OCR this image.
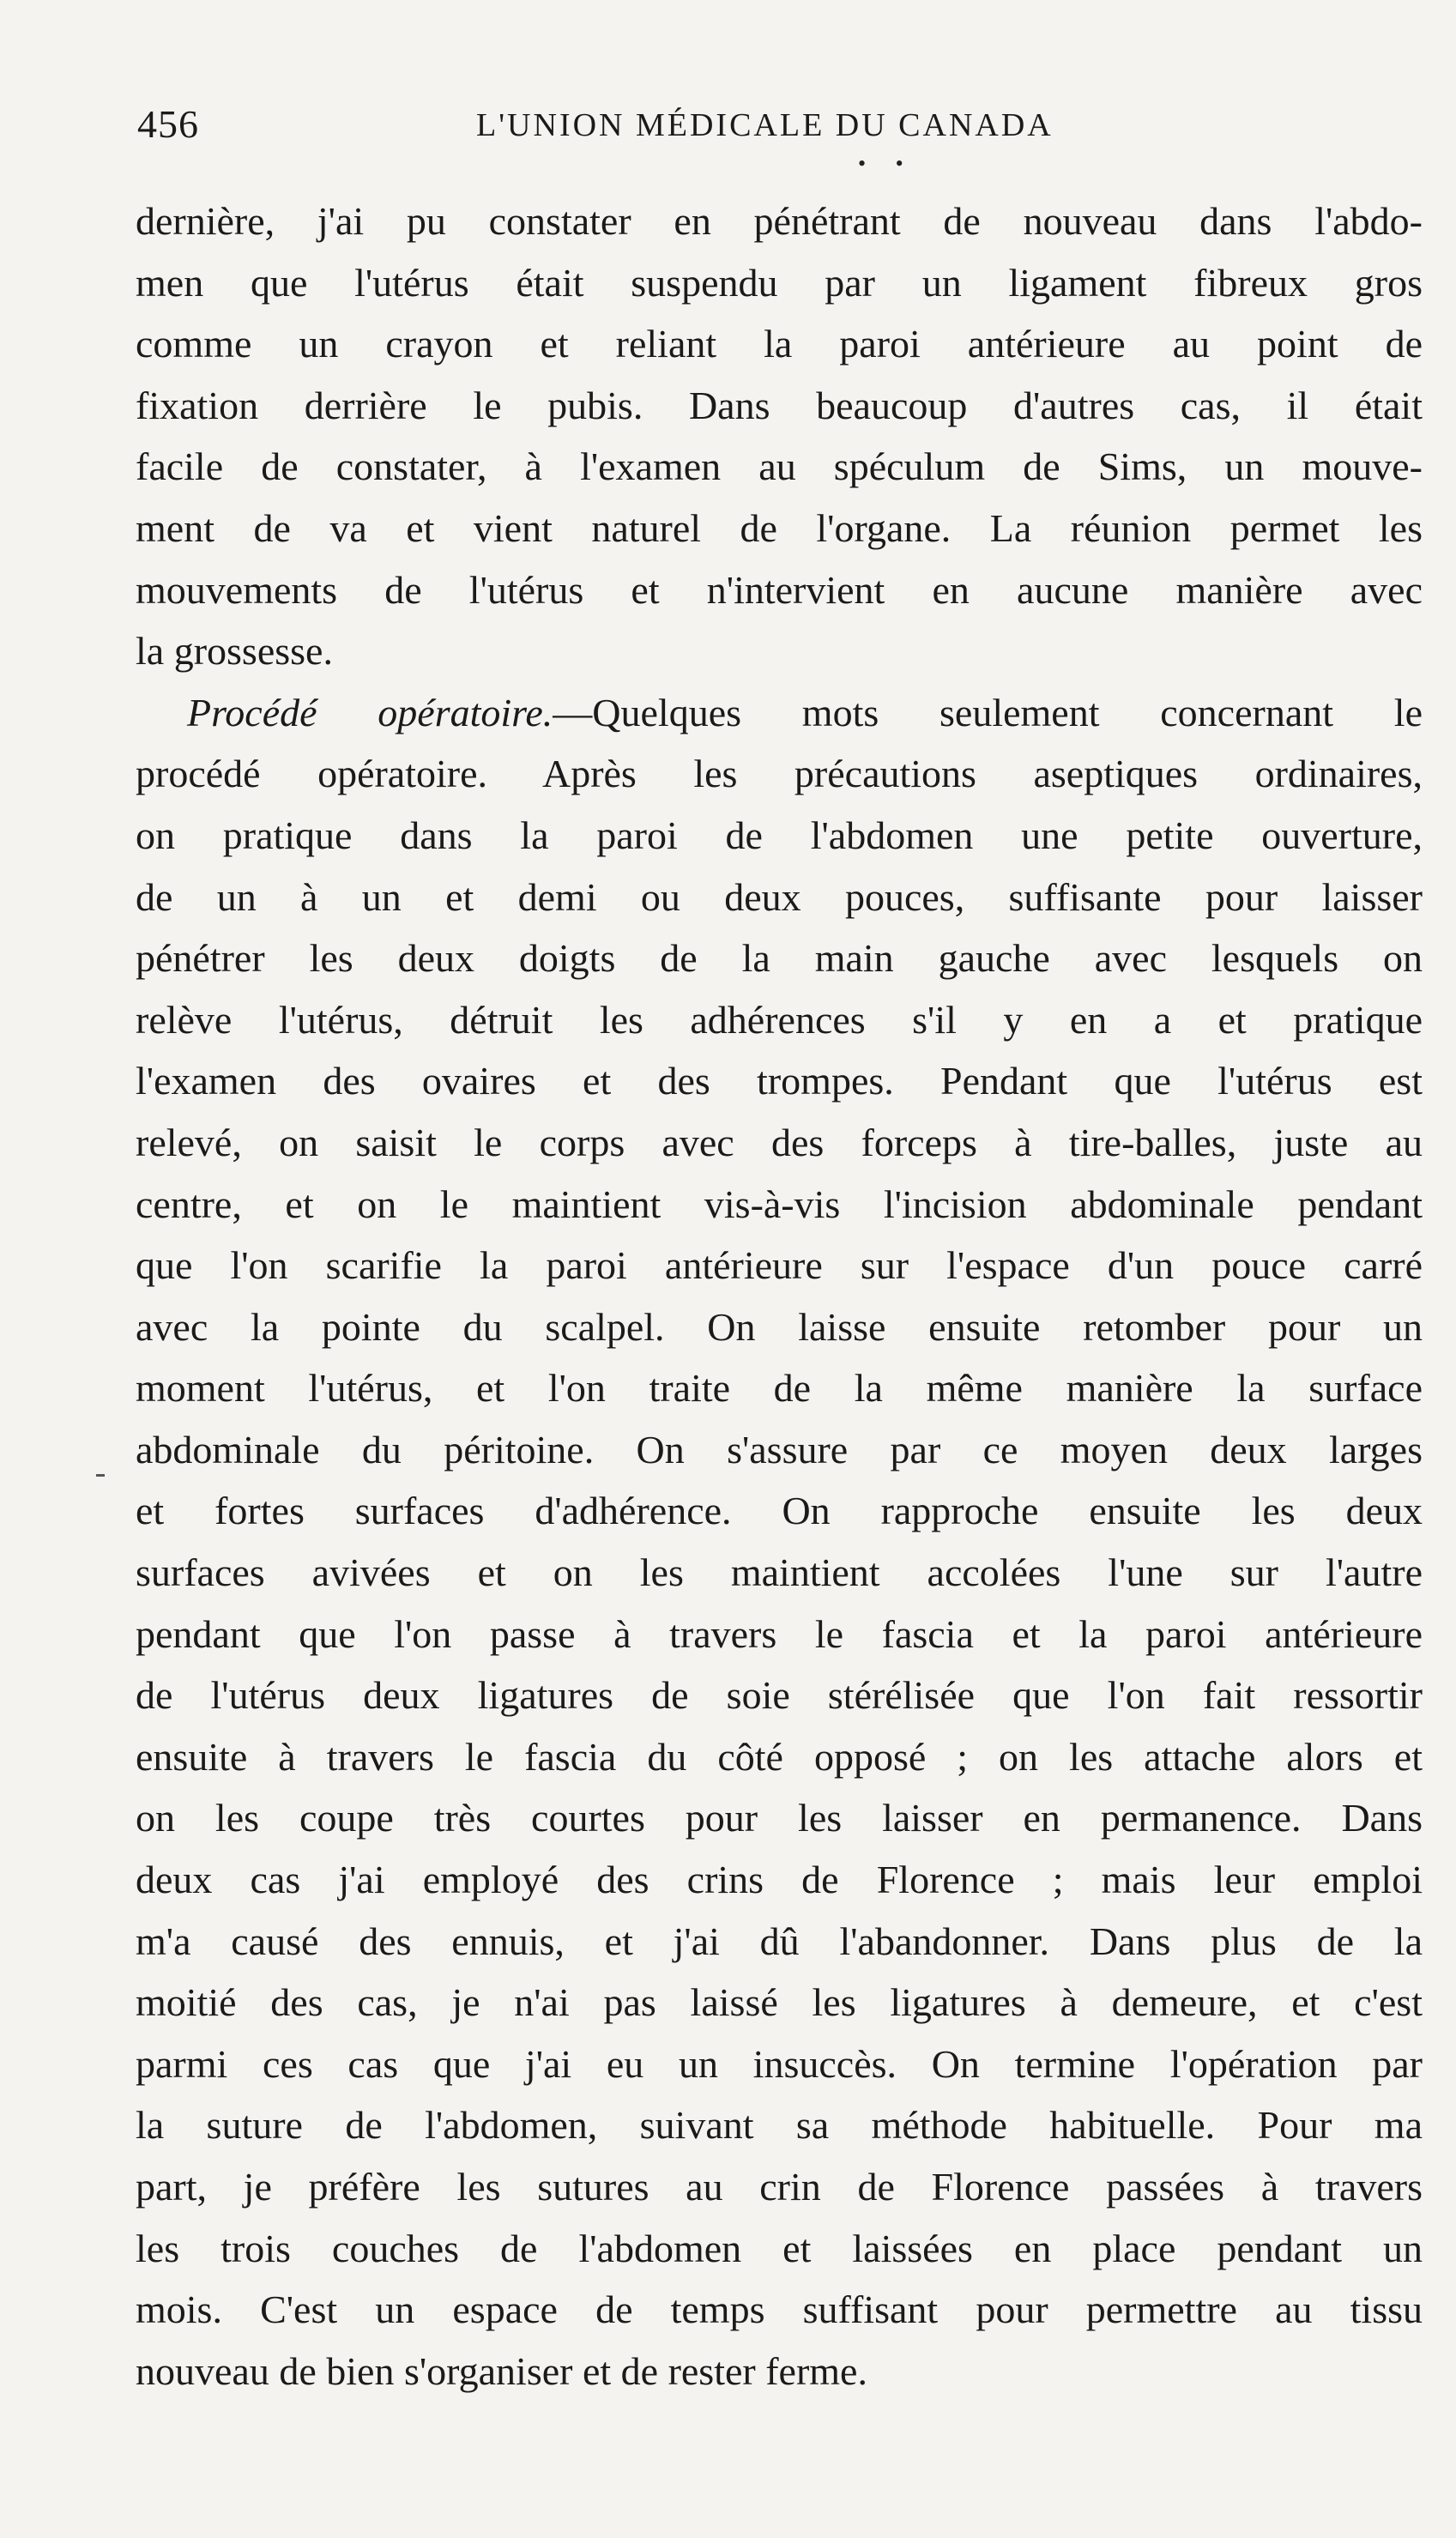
456	L'UNION MÉDICALE DU CANADA
• •
dernière, j'ai pu constater en pénétrant de nouveau dans l'abdo-
men que l'utérus était suspendu par un ligament fibreux gros
comme un crayon et reliant la paroi antérieure au point de
fixation derrière le pubis. Dans beaucoup d'autres cas, il était
facile de constater, à l'examen au spéculum de Sims, un mouve-
ment de va et vient naturel de l'organe. La réunion permet les
mouvements de l'utérus et n'intervient en aucune manière avec
la grossesse.
Procédé opératoire.—Quelques mots seulement concernant le
procédé opératoire. Après les précautions aseptiques ordinaires,
on pratique dans la paroi de l'abdomen une petite ouverture,
de un à un et demi ou deux pouces, suffisante pour laisser
pénétrer les deux doigts de la main gauche avec lesquels on
relève l'utérus, détruit les adhérences s'il y en a et pratique
l'examen des ovaires et des trompes. Pendant que l'utérus est
relevé, on saisit le corps avec des forceps à tire-balles, juste au
centre, et on le maintient vis-à-vis l'incision abdominale pendant
que l'on scarifie la paroi antérieure sur l'espace d'un pouce carré
avec la pointe du scalpel. On laisse ensuite retomber pour un
moment l'utérus, et l'on traite de la même manière la surface
abdominale du péritoine. On s'assure par ce moyen deux larges
et fortes surfaces d'adhérence. On rapproche ensuite les deux
surfaces avivées et on les maintient accolées l'une sur l'autre
pendant que l'on passe à travers le fascia et la paroi antérieure
de l'utérus deux ligatures de soie stérélisée que l'on fait ressortir
ensuite à travers le fascia du côté opposé ; on les attache alors et
on les coupe très courtes pour les laisser en permanence. Dans
deux cas j'ai employé des crins de Florence ; mais leur emploi
m'a causé des ennuis, et j'ai dû l'abandonner. Dans plus de la
moitié des cas, je n'ai pas laissé les ligatures à demeure, et c'est
parmi ces cas que j'ai eu un insuccès. On termine l'opération par
la suture de l'abdomen, suivant sa méthode habituelle. Pour ma
part, je préfère les sutures au crin de Florence passées à travers
les trois couches de l'abdomen et laissées en place pendant un
mois. C'est un espace de temps suffisant pour permettre au tissu
nouveau de bien s'organiser et de rester ferme.
